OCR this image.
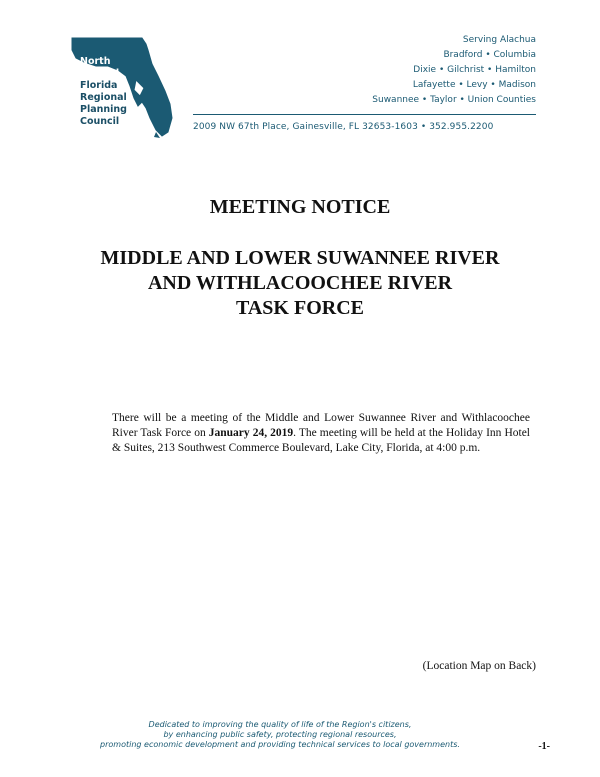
North
Central
Florida
Regional
Planning
Council
Serving Alachua
Bradford • Columbia
Dixie • Gilchrist • Hamilton
Lafayette • Levy • Madison
Suwannee • Taylor • Union Counties
2009 NW 67th Place, Gainesville, FL 32653-1603 • 352.955.2200
MEETING NOTICE
MIDDLE AND LOWER SUWANNEE RIVER
AND WITHLACOOCHEE RIVER
TASK FORCE

There will be a meeting of the Middle and Lower Suwannee River and Withlacoochee River Task Force on January 24, 2019. The meeting will be held at the Holiday Inn Hotel & Suites, 213 Southwest Commerce Boulevard, Lake City, Florida, at 4:00 p.m.

(Location Map on Back)
Dedicated to improving the quality of life of the Region's citizens,
by enhancing public safety, protecting regional resources,
promoting economic development and providing technical services to local governments.	-1-
